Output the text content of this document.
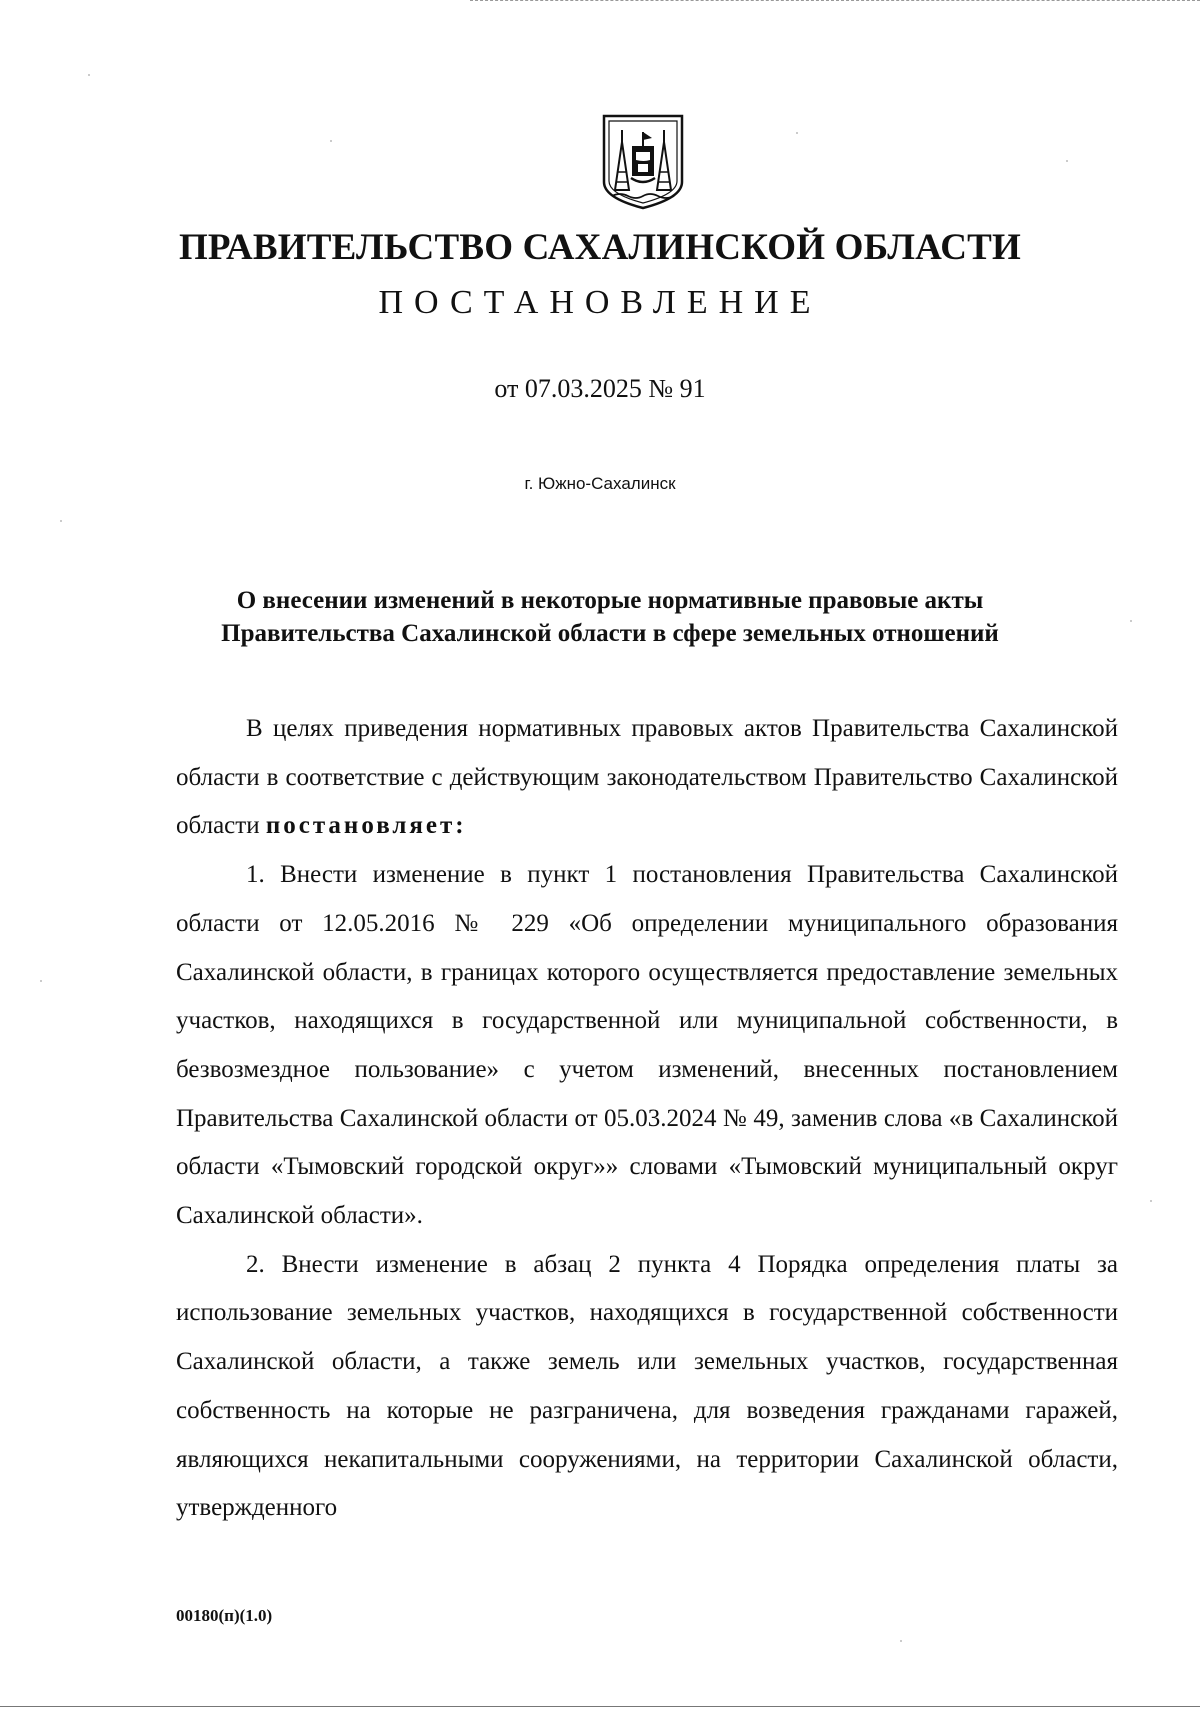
ПРАВИТЕЛЬСТВО САХАЛИНСКОЙ ОБЛАСТИ
ПОСТАНОВЛЕНИЕ
от 07.03.2025 № 91
г. Южно-Сахалинск
О внесении изменений в некоторые нормативные правовые акты
Правительства Сахалинской области в сфере земельных отношений

В целях приведения нормативных правовых актов Правительства Сахалинской области в соответствие с действующим законодательством Правительство Сахалинской области постановляет:

1. Внести изменение в пункт 1 постановления Правительства Сахалинской области от 12.05.2016 № 229 «Об определении муниципального образования Сахалинской области, в границах которого осуществляется предоставление земельных участков, находящихся в государственной или муниципальной собственности, в безвозмездное пользование» с учетом изменений, внесенных постановлением Правительства Сахалинской области от 05.03.2024 № 49, заменив слова «в Сахалинской области «Тымовский городской округ»» словами «Тымовский муниципальный округ Сахалинской области».

2. Внести изменение в абзац 2 пункта 4 Порядка определения платы за использование земельных участков, находящихся в государственной собственности Сахалинской области, а также земель или земельных участков, государственная собственность на которые не разграничена, для возведения гражданами гаражей, являющихся некапитальными сооружениями, на территории Сахалинской области, утвержденного

00180(п)(1.0)
